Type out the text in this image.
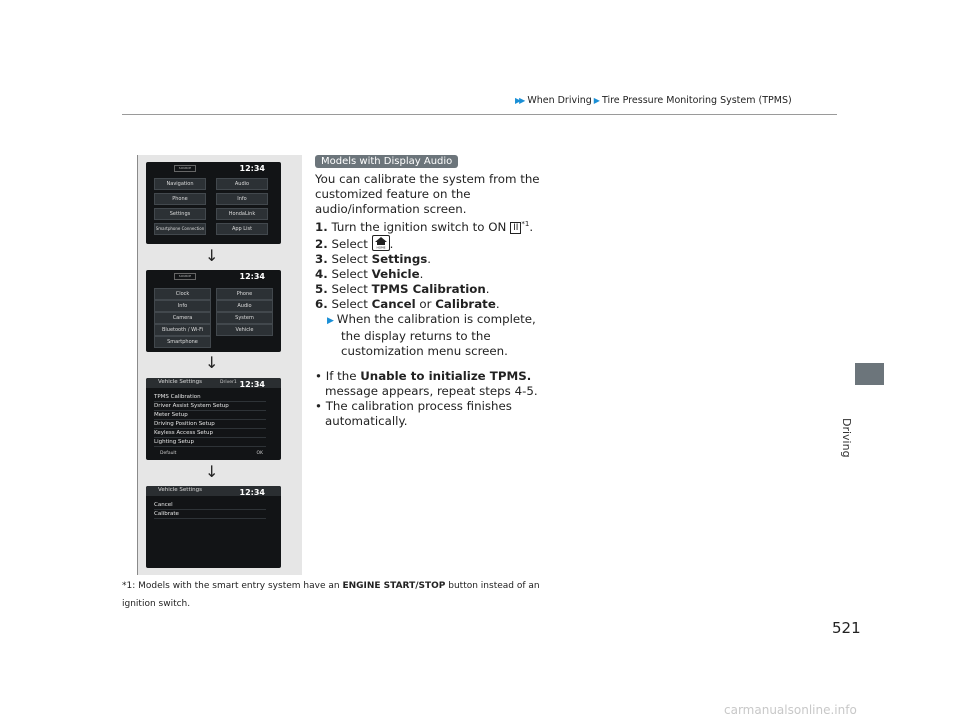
▶▶ When Driving ▶ Tire Pressure Monitoring System (TPMS)
Driving
SOURCE	12:34
Navigation
Phone
Settings
Smartphone Connection
Audio
Info
HondaLink
App List
↓
SOURCE	12:34
Clock
Info
Camera
Bluetooth / Wi-Fi
Smartphone
Phone
Audio
System
Vehicle
↓
Vehicle Settings	Driver1 12:34
TPMS Calibration
Driver Assist System Setup
Meter Setup
Driving Position Setup
Keyless Access Setup
Lighting Setup
Default	OK
↓
Vehicle Settings	12:34
Cancel
Calibrate
Models with Display Audio

You can calibrate the system from the customized feature on the audio/information screen.

1. Turn the ignition switch to ON II $^{*1}$.

2. Select	HOME .

3. Select Settings.

4. Select Vehicle.

5. Select TPMS Calibration.

6. Select Cancel or Calibrate.

▶ When the calibration is complete, the display returns to the customization menu screen.

• If the Unable to initialize TPMS. message appears, repeat steps 4-5.

• The calibration process finishes automatically.

*1: Models with the smart entry system have an ENGINE START/STOP button instead of an ignition switch.
521
carmanualsonline.info
